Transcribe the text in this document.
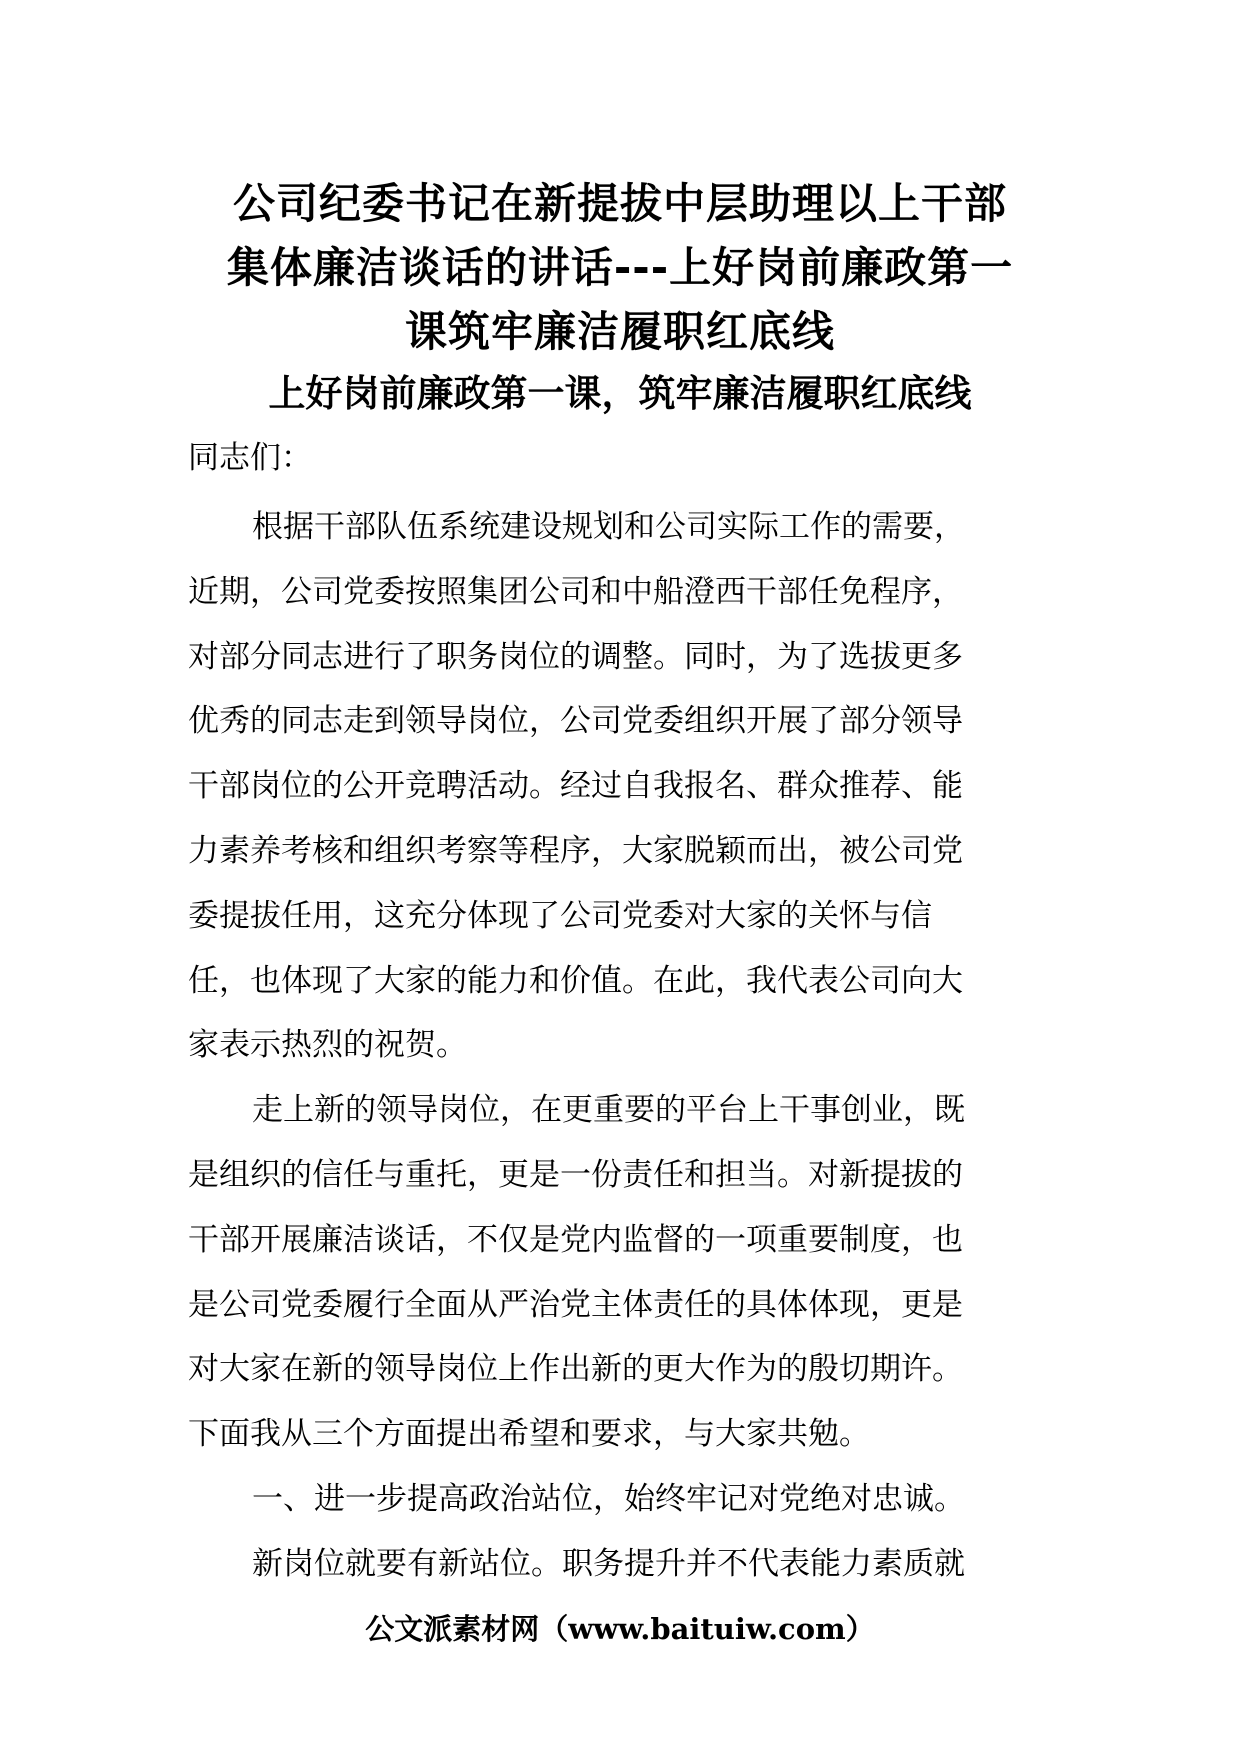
公司纪委书记在新提拔中层助理以上干部
集体廉洁谈话的讲话---上好岗前廉政第一
课筑牢廉洁履职红底线
上好岗前廉政第一课，筑牢廉洁履职红底线

同志们：

根据干部队伍系统建设规划和公司实际工作的需要，
近期，公司党委按照集团公司和中船澄西干部任免程序，
对部分同志进行了职务岗位的调整。同时，为了选拔更多
优秀的同志走到领导岗位，公司党委组织开展了部分领导
干部岗位的公开竞聘活动。经过自我报名、群众推荐、能
力素养考核和组织考察等程序，大家脱颖而出，被公司党
委提拔任用，这充分体现了公司党委对大家的关怀与信
任，也体现了大家的能力和价值。在此，我代表公司向大
家表示热烈的祝贺。

走上新的领导岗位，在更重要的平台上干事创业，既
是组织的信任与重托，更是一份责任和担当。对新提拔的
干部开展廉洁谈话，不仅是党内监督的一项重要制度，也
是公司党委履行全面从严治党主体责任的具体体现，更是
对大家在新的领导岗位上作出新的更大作为的殷切期许。
下面我从三个方面提出希望和要求，与大家共勉。

一、进一步提高政治站位，始终牢记对党绝对忠诚。

新岗位就要有新站位。职务提升并不代表能力素质就

公文派素材网（www.baituiw.com）
